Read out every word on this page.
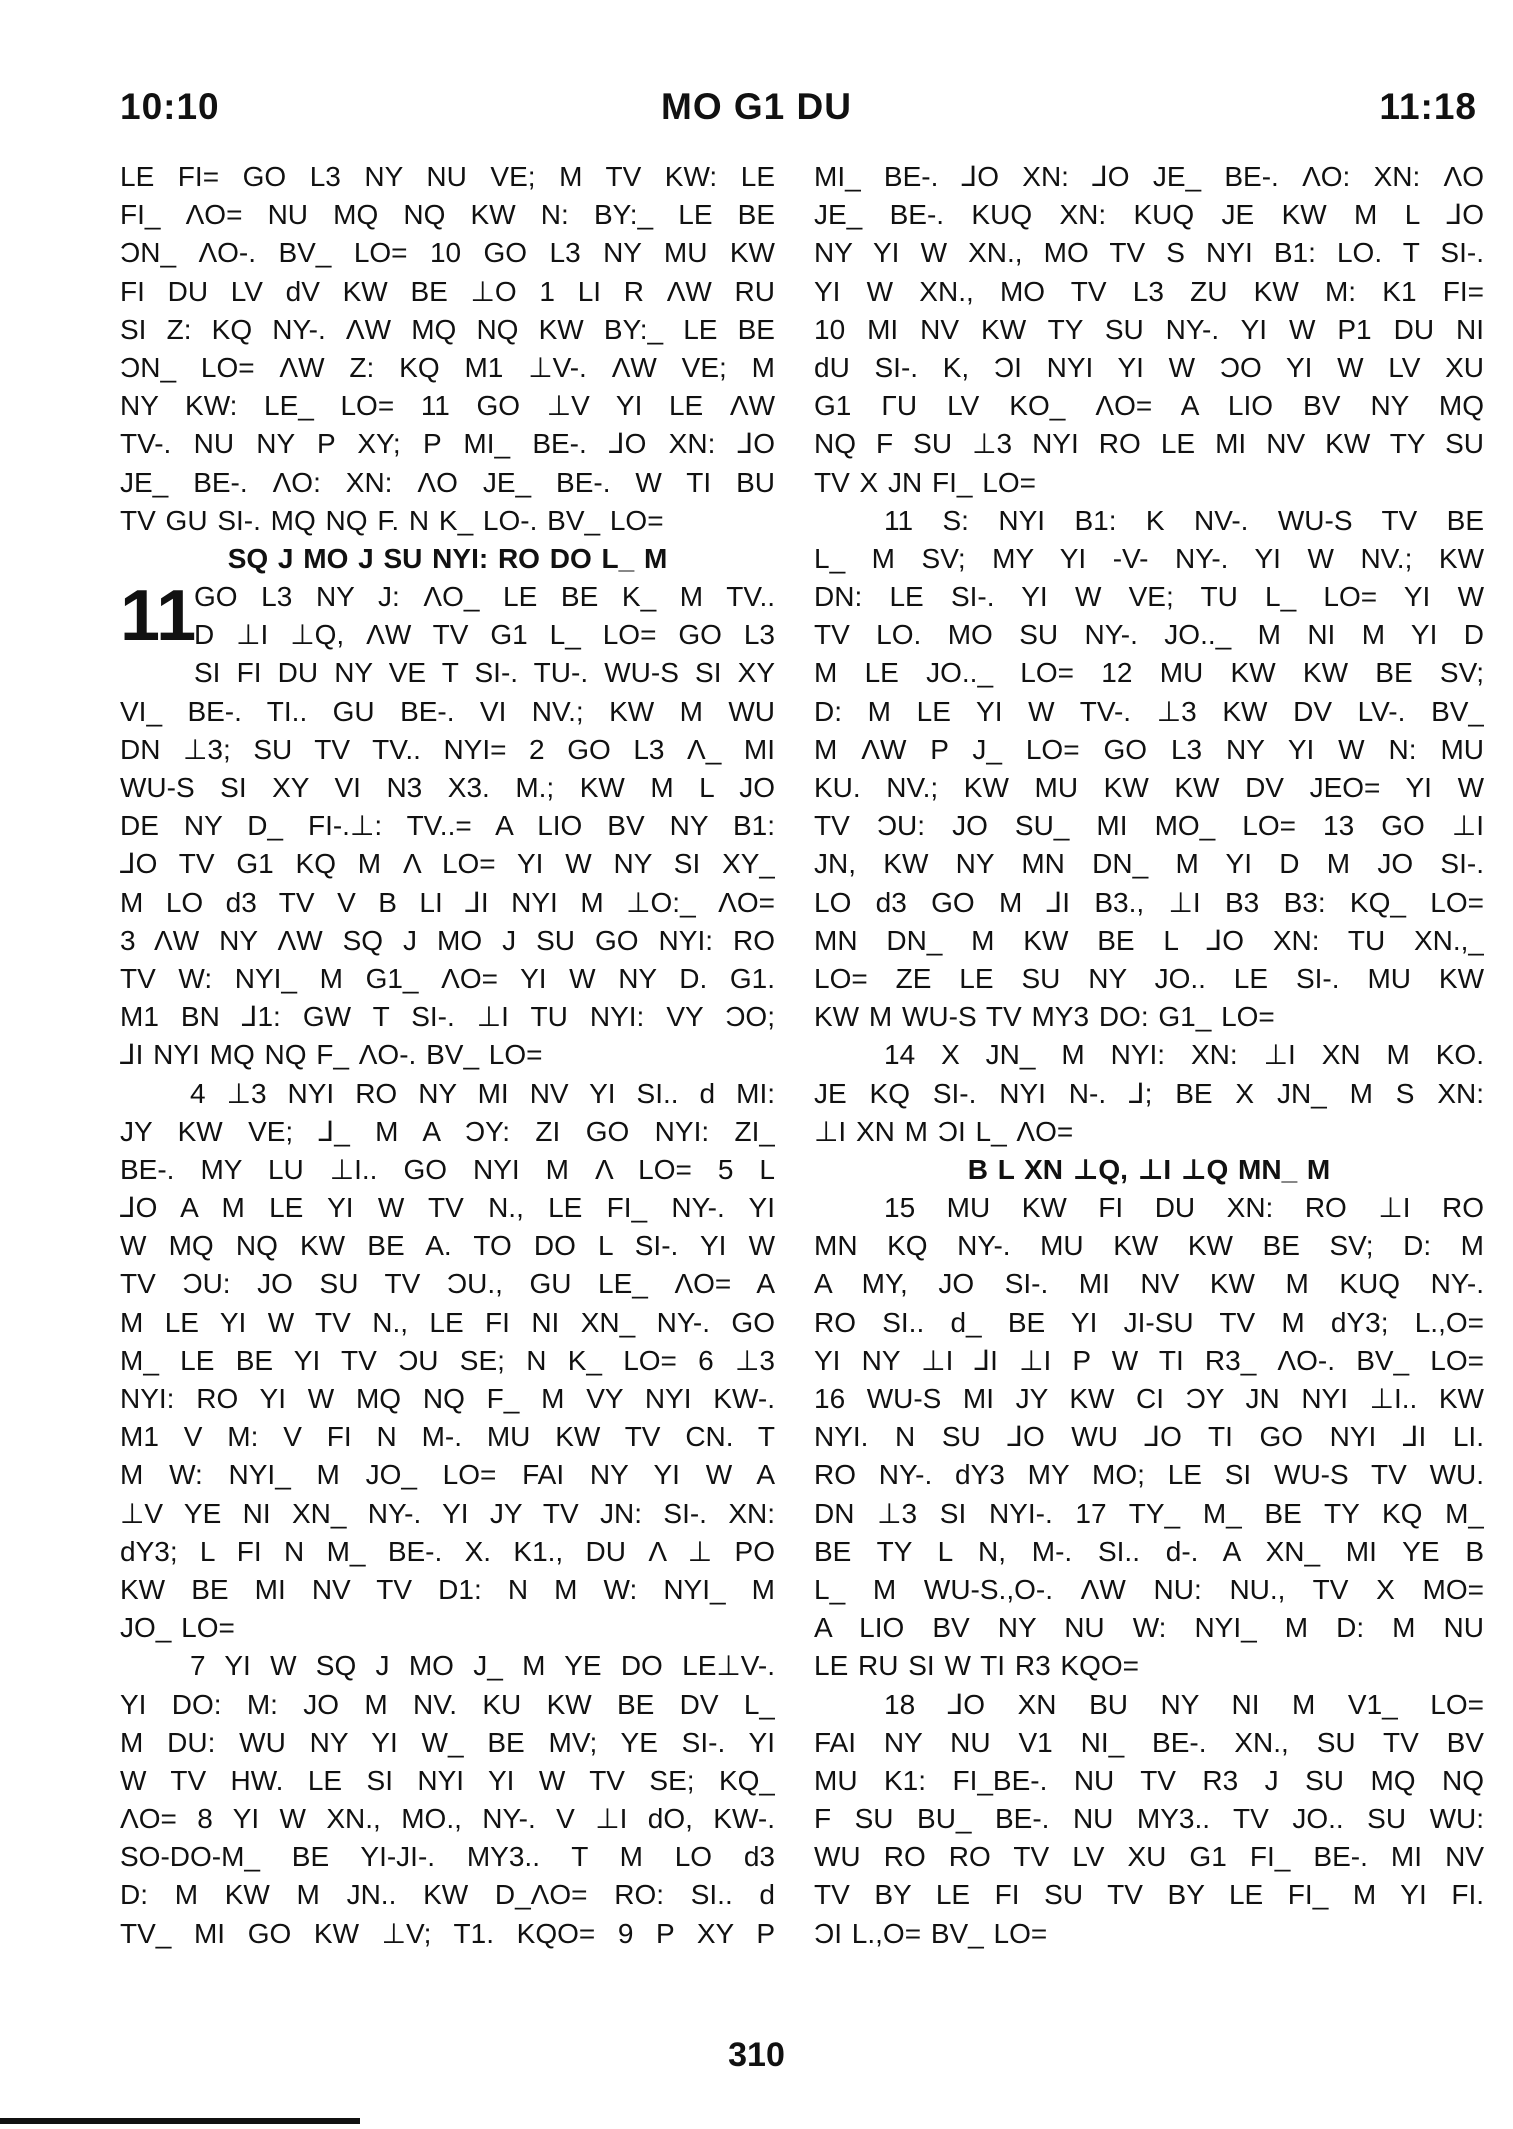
10:10	MO G1 DU	11:18
LE FI= GO L3 NY NU VE; M TV KW: LE
FI_ ΛO= NU MQ NQ KW N: BY:_ LE BE
ϽN_ ΛO-. BV_ LO= 10 GO L3 NY MU KW
FI DU LV dV KW BE ⊥O 1 LI R ΛW RU
SI Z: KQ NY-. ΛW MQ NQ KW BY:_ LE BE
ϽN_ LO= ΛW Z: KQ M1 ⊥V-. ΛW VE; M
NY KW: LE_ LO= 11 GO ⊥V YI LE ΛW
TV-. NU NY P XY; P MI_ BE-. ⅃O XN: ⅃O
JE_ BE-. ΛO: XN: ΛO JE_ BE-. W TI BU
TV GU SI-. MQ NQ F. N K_ LO-. BV_ LO=
SQ J MO J SU NYI: RO DO L_ M
11
GO L3 NY J: ΛO_ LE BE K_ M TV..
D ⊥I ⊥Q, ΛW TV G1 L_ LO= GO L3
SI FI DU NY VE T SI-. TU-. WU-S SI XY
VI_ BE-. TI.. GU BE-. VI NV.; KW M WU
DN ⊥3; SU TV TV.. NYI= 2 GO L3 Λ_ MI
WU-S SI XY VI N3 X3. M.; KW M L JO
DE NY D_ FI-.⊥: TV..= A LIO BV NY B1:
⅃O TV G1 KQ M Λ LO= YI W NY SI XY_
M LO d3 TV V B LI ⅃I NYI M ⊥O:_ ΛO=
3 ΛW NY ΛW SQ J MO J SU GO NYI: RO
TV W: NYI_ M G1_ ΛO= YI W NY D. G1.
M1 BN ⅃1: GW T SI-. ⊥I TU NYI: VY ϽO;
⅃I NYI MQ NQ F_ ΛO-. BV_ LO=
4 ⊥3 NYI RO NY MI NV YI SI.. d MI:
JY KW VE; ⅃_ M A ϽY: ZI GO NYI: ZI_
BE-. MY LU ⊥I.. GO NYI M Λ LO= 5 L
⅃O A M LE YI W TV N., LE FI_ NY-. YI
W MQ NQ KW BE A. TO DO L SI-. YI W
TV ϽU: JO SU TV ϽU., GU LE_ ΛO= A
M LE YI W TV N., LE FI NI XN_ NY-. GO
M_ LE BE YI TV ϽU SE; N K_ LO= 6 ⊥3
NYI: RO YI W MQ NQ F_ M VY NYI KW-.
M1 V M: V FI N M-. MU KW TV CN. T
M W: NYI_ M JO_ LO= FAI NY YI W A
⊥V YE NI XN_ NY-. YI JY TV JN: SI-. XN:
dY3; L FI N M_ BE-. X. K1., DU Λ ⊥ PO
KW BE MI NV TV D1: N M W: NYI_ M
JO_ LO=
7 YI W SQ J MO J_ M YE DO LE⊥V-.
YI DO: M: JO M NV. KU KW BE DV L_
M DU: WU NY YI W_ BE MV; YE SI-. YI
W TV HW. LE SI NYI YI W TV SE; KQ_
ΛO= 8 YI W XN., MO., NY-. V ⊥I dO, KW-.
SO-DO-M_ BE YI-JI-. MY3.. T M LO d3
D: M KW M JN.. KW D_ΛO= RO: SI.. d
TV_ MI GO KW ⊥V; T1. KQO= 9 P XY P
MI_ BE-. ⅃O XN: ⅃O JE_ BE-. ΛO: XN: ΛO
JE_ BE-. KUQ XN: KUQ JE KW M L ⅃O
NY YI W XN., MO TV S NYI B1: LO. T SI-.
YI W XN., MO TV L3 ZU KW M: K1 FI=
10 MI NV KW TY SU NY-. YI W P1 DU NI
dU SI-. K, ϽI NYI YI W ϽO YI W LV XU
G1 ΓU LV KO_ ΛO= A LIO BV NY MQ
NQ F SU ⊥3 NYI RO LE MI NV KW TY SU
TV X JN FI_ LO=
11 S: NYI B1: K NV-. WU-S TV BE
L_ M SV; MY YI -V- NY-. YI W NV.; KW
DN: LE SI-. YI W VE; TU L_ LO= YI W
TV LO. MO SU NY-. JO.._ M NI M YI D
M LE JO.._ LO= 12 MU KW KW BE SV;
D: M LE YI W TV-. ⊥3 KW DV LV-. BV_
M ΛW P J_ LO= GO L3 NY YI W N: MU
KU. NV.; KW MU KW KW DV JEO= YI W
TV ϽU: JO SU_ MI MO_ LO= 13 GO ⊥I
JN, KW NY MN DN_ M YI D M JO SI-.
LO d3 GO M ⅃I B3., ⊥I B3 B3: KQ_ LO=
MN DN_ M KW BE L ⅃O XN: TU XN.,_
LO= ZE LE SU NY JO.. LE SI-. MU KW
KW M WU-S TV MY3 DO: G1_ LO=
14 X JN_ M NYI: XN: ⊥I XN M KO.
JE KQ SI-. NYI N-. ⅃; BE X JN_ M S XN:
⊥I XN M ϽI L_ ΛO=
B L XN ⊥Q, ⊥I ⊥Q MN_ M
15 MU KW FI DU XN: RO ⊥I RO
MN KQ NY-. MU KW KW BE SV; D: M
A MY, JO SI-. MI NV KW M KUQ NY-.
RO SI.. d_ BE YI JI-SU TV M dY3; L.,O=
YI NY ⊥I ⅃I ⊥I P W TI R3_ ΛO-. BV_ LO=
16 WU-S MI JY KW CI ϽY JN NYI ⊥I.. KW
NYI. N SU ⅃O WU ⅃O TI GO NYI ⅃I LI.
RO NY-. dY3 MY MO; LE SI WU-S TV WU.
DN ⊥3 SI NYI-. 17 TY_ M_ BE TY KQ M_
BE TY L N, M-. SI.. d-. A XN_ MI YE B
L_ M WU-S.,O-. ΛW NU: NU., TV X MO=
A LIO BV NY NU W: NYI_ M D: M NU
LE RU SI W TI R3 KQO=
18 ⅃O XN BU NY NI M V1_ LO=
FAI NY NU V1 NI_ BE-. XN., SU TV BV
MU K1: FI_BE-. NU TV R3 J SU MQ NQ
F SU BU_ BE-. NU MY3.. TV JO.. SU WU:
WU RO RO TV LV XU G1 FI_ BE-. MI NV
TV BY LE FI SU TV BY LE FI_ M YI FI.
ϽI L.,O= BV_ LO=
310
